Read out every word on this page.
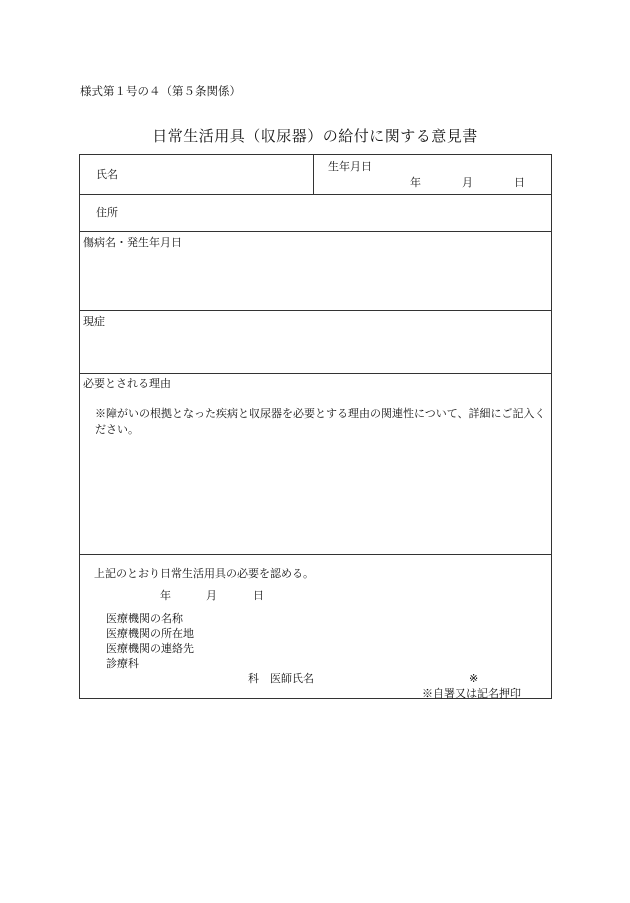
様式第１号の４（第５条関係）
日常生活用具（収尿器）の給付に関する意見書
氏名
生年月日
年	月	日
住所
傷病名・発生年月日
現症
必要とされる理由
※障がいの根拠となった疾病と収尿器を必要とする理由の関連性について、詳細にご記入ください。
上記のとおり日常生活用具の必要を認める。
年	月	日
医療機関の名称
医療機関の所在地
医療機関の連絡先
診療科
科　医師氏名	※
※自署又は記名押印
